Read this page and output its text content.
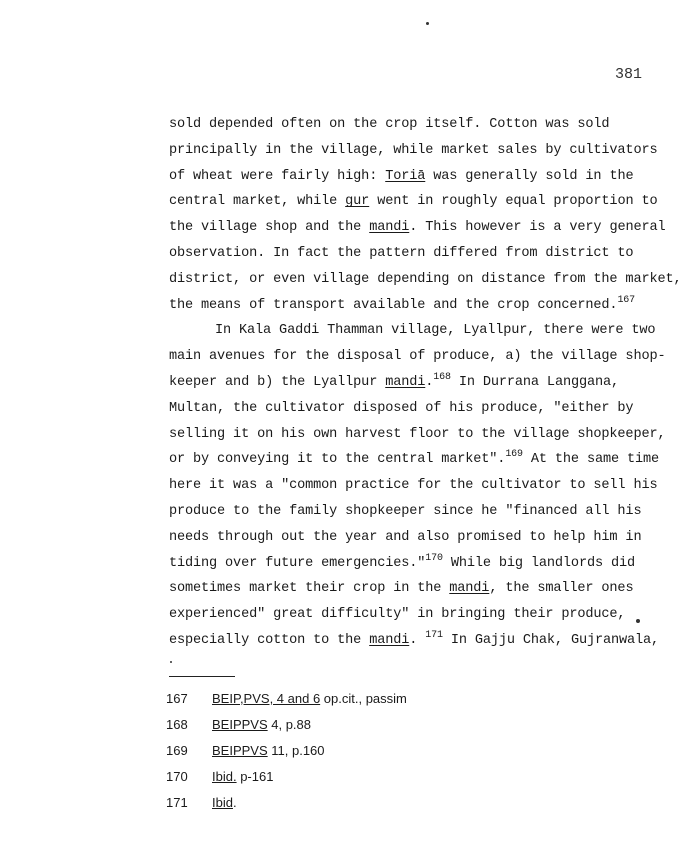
381
sold depended often on the crop itself. Cotton was sold
principally in the village, while market sales by cultivators
of wheat were fairly high: Toriā was generally sold in the
central market, while gur went in roughly equal proportion to
the village shop and the mandi. This however is a very general
observation. In fact the pattern differed from district to
district, or even village depending on distance from the market,
the means of transport available and the crop concerned.$^{167}$
In Kala Gaddi Thamman village, Lyallpur, there were two
main avenues for the disposal of produce, a) the village shop-
keeper and b) the Lyallpur mandi.$^{168}$ In Durrana Langgana,
Multan, the cultivator disposed of his produce, "either by
selling it on his own harvest floor to the village shopkeeper,
or by conveying it to the central market".$^{169}$ At the same time
here it was a "common practice for the cultivator to sell his
produce to the family shopkeeper since he "financed all his
needs through out the year and also promised to help him in
tiding over future emergencies."$^{170}$ While big landlords did
sometimes market their crop in the mandi, the smaller ones
experienced" great difficulty" in bringing their produce,
especially cotton to the mandi. $^{171}$ In Gajju Chak, Gujranwala,
167 BEIP,PVS, 4 and 6 op.cit., passim
168 BEIPPVS 4, p.88
169 BEIPPVS 11, p.160
170 Ibid. p-161
171 Ibid.
